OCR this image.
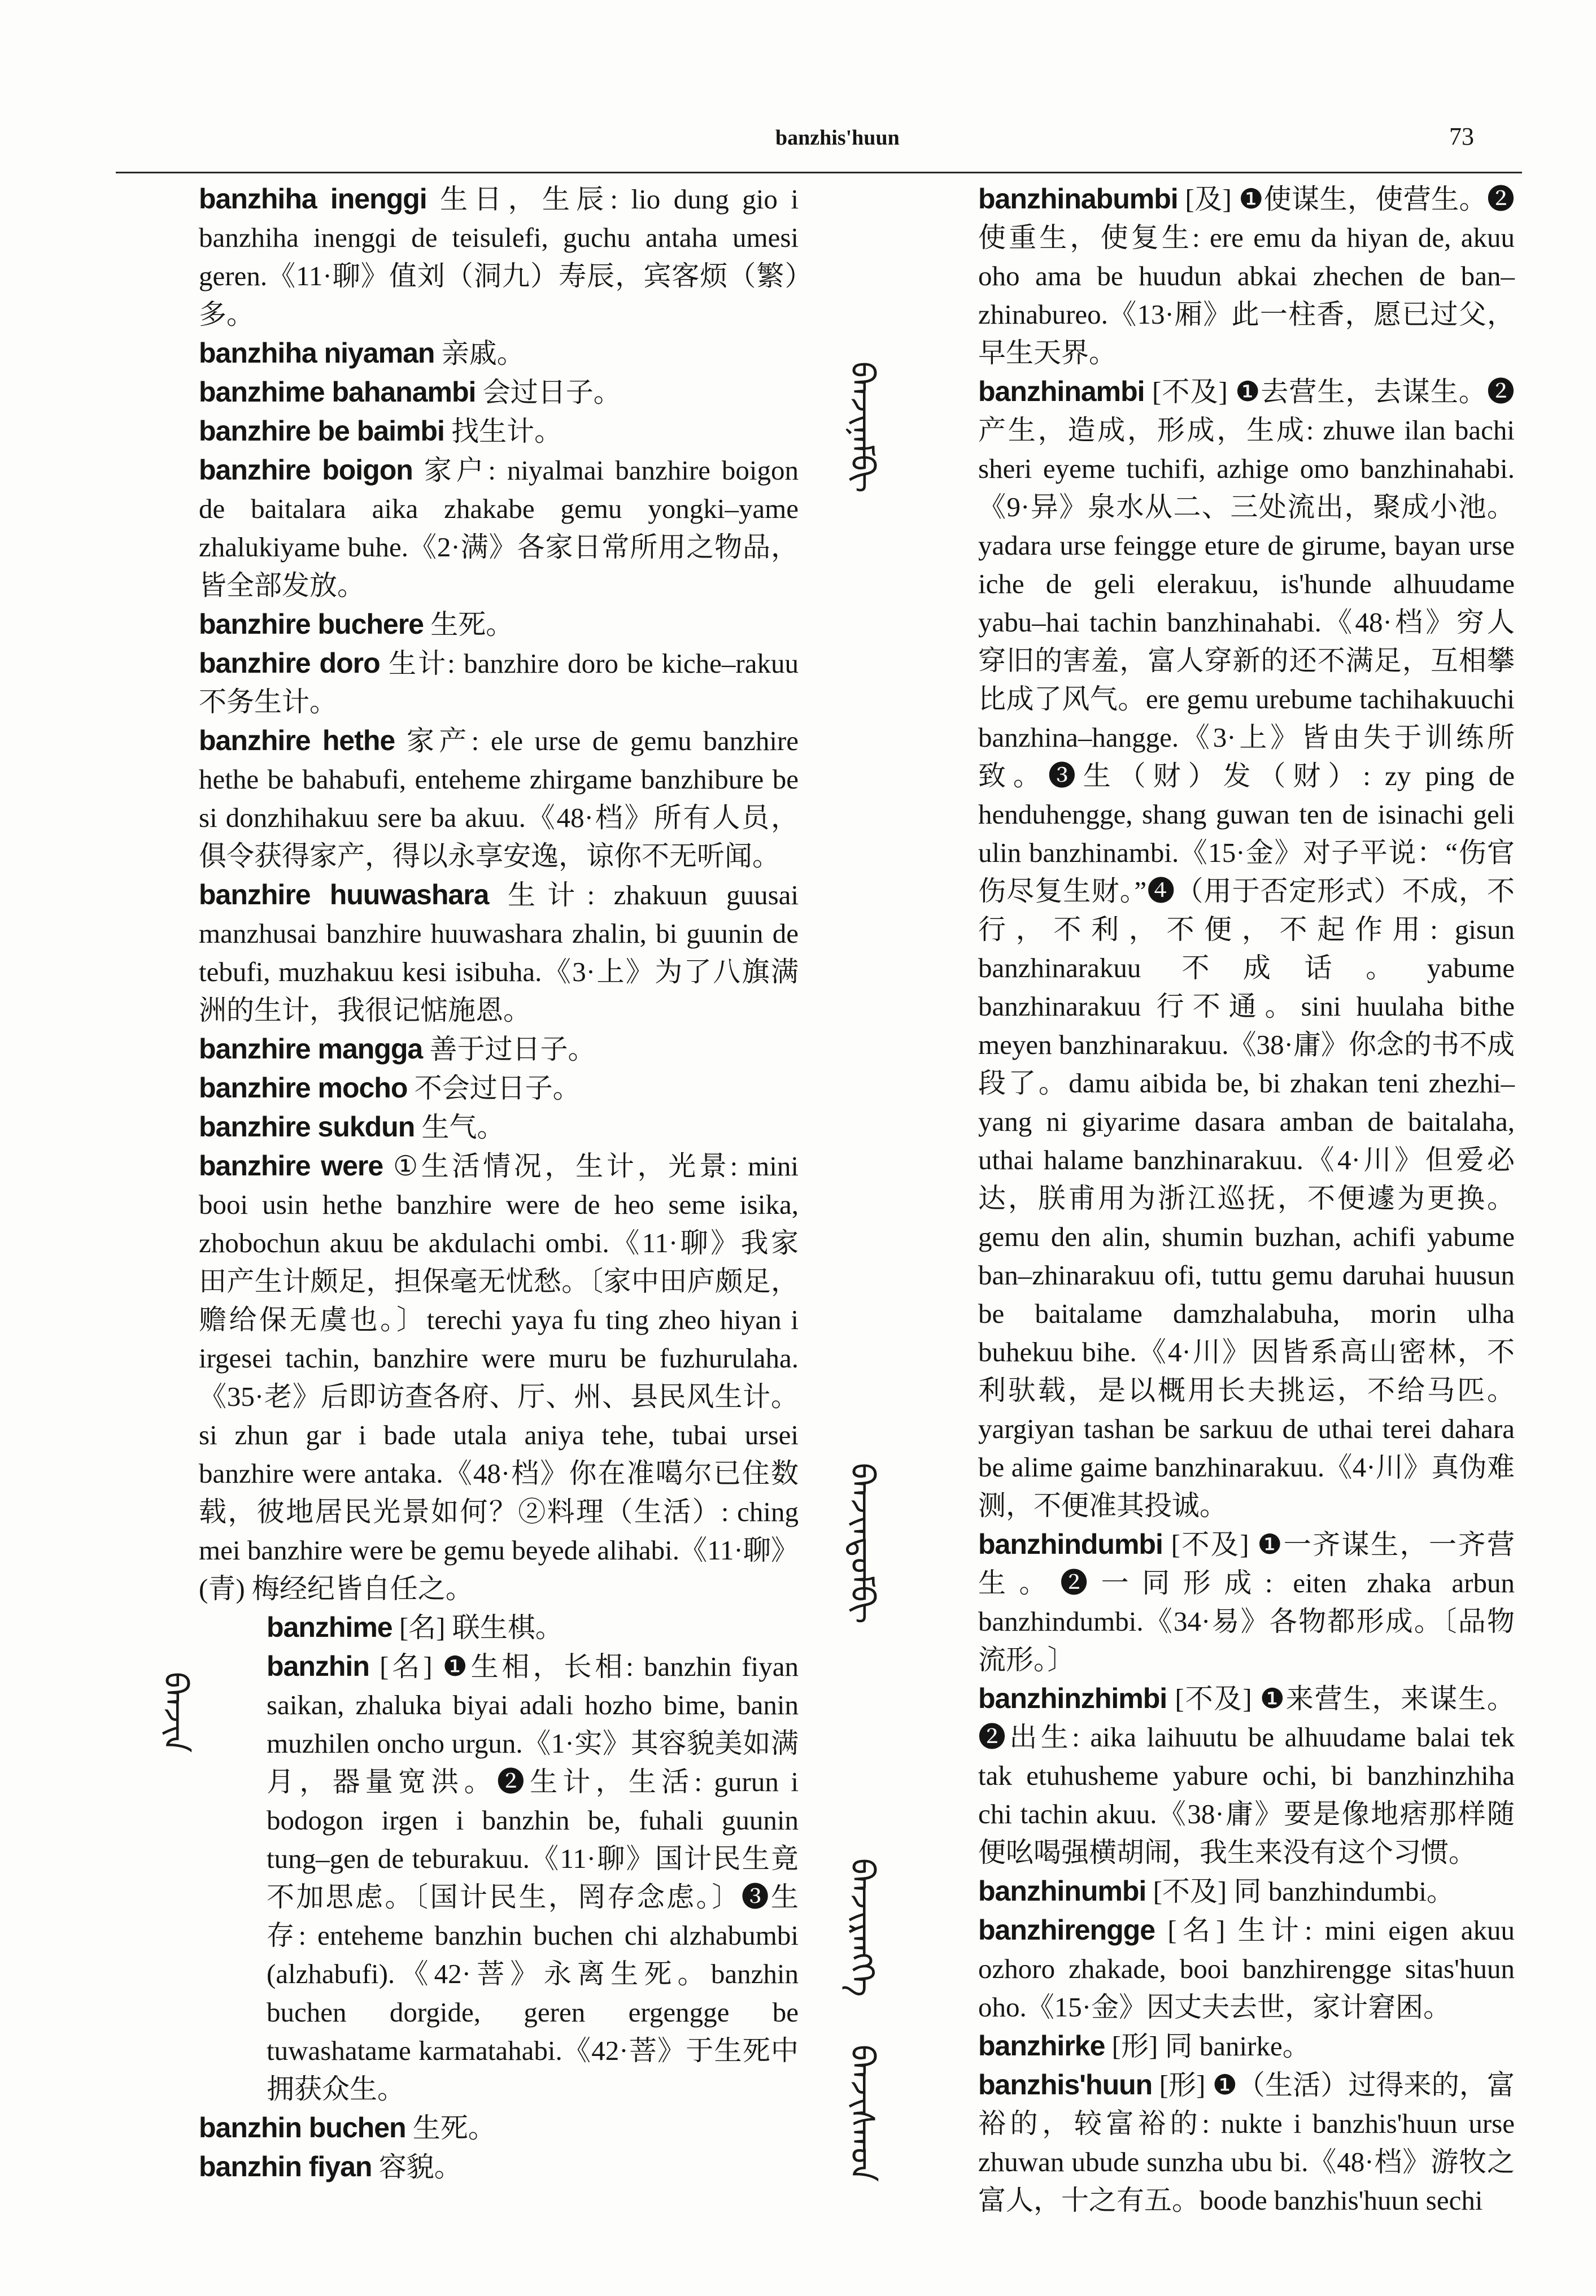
banzhis'huun	73
ᠪᠠᠨᠵᠢᠨ
ᠪᠠᠨᠵᠢᠨᠠᠮᠪᠢ
ᠪᠠᠨᠵᠢᠨᠳᠤᠮᠪᠢ
ᠪᠠᠨᠵᠢᠷᠡᠩᠭᠡ
ᠪᠠᠨᠵᠢᠰᠬᠤᠨ

banzhiha inengɡi 生日，生辰: lio dung gio i banzhiha inengɡi de teisulefi, guchu antaha umesi geren.《11·聊》值刘（洞九）寿辰，宾客烦（繁）多。

banzhiha niyaman 亲戚。

banzhime bahanambi 会过日子。

banzhire be baimbi 找生计。

banzhire boigon 家户: niyalmai banzhire boigon de baitalara aika zhakabe gemu yongki–yame zhalukiyame buhe.《2·满》各家日常所用之物品，皆全部发放。

banzhire buchere 生死。

banzhire doro 生计: banzhire doro be kiche–rakuu 不务生计。

banzhire hethe 家产: ele urse de gemu banzhire hethe be bahabufi, enteheme zhirgame banzhibure be si donzhihakuu sere ba akuu.《48·档》所有人员，俱令获得家产，得以永享安逸，谅你不无听闻。

banzhire huuwashara 生计: zhakuun guusai manzhusai banzhire huuwashara zhalin, bi guunin de tebufi, muzhakuu kesi isibuha.《3·上》为了八旗满洲的生计，我很记惦施恩。

banzhire mangga 善于过日子。

banzhire mocho 不会过日子。

banzhire sukdun 生气。

banzhire were ①生活情况，生计，光景: mini booi usin hethe banzhire were de heo seme isika, zhobochun akuu be akdulachi ombi.《11·聊》我家田产生计颇足，担保毫无忧愁。〔家中田庐颇足，赡给保无虞也。〕terechi yaya fu ting zheo hiyan i irgesei tachin, banzhire were muru be fuzhurulaha.《35·老》后即访查各府、厅、州、县民风生计。si zhun gar i bade utala aniya tehe, tubai ursei banzhire were antaka.《48·档》你在准噶尔已住数载，彼地居民光景如何？②料理（生活）: ching mei banzhire were be gemu beyede alihabi.《11·聊》(青) 梅经纪皆自任之。

banzhime [名] 联生棋。

banzhin [名] ❶生相，长相: banzhin fiyan saikan, zhaluka biyai adali hozho bime, banin muzhilen oncho urgun.《1·实》其容貌美如满月，器量宽洪。❷生计，生活: gurun i bodogon irgen i banzhin be, fuhali guunin tung–gen de teburakuu.《11·聊》国计民生竟不加思虑。〔国计民生，罔存念虑。〕❸生存: enteheme banzhin buchen chi alzhabumbi (alzhabufi).《42·菩》永离生死。banzhin buchen dorgide, geren ergengge be tuwashatame karmatahabi.《42·菩》于生死中拥获众生。

banzhin buchen 生死。

banzhin fiyan 容貌。

banzhinabumbi [及] ❶使谋生，使营生。❷使重生，使复生: ere emu da hiyan de, akuu oho ama be huudun abkai zhechen de ban–zhinabureo.《13·厢》此一柱香，愿已过父，早生天界。

banzhinambi [不及] ❶去营生，去谋生。❷产生，造成，形成，生成: zhuwe ilan bachi sheri eyeme tuchifi, azhige omo banzhinahabi.《9·异》泉水从二、三处流出，聚成小池。yadara urse feingge eture de girume, bayan urse iche de geli elerakuu, is'hunde alhuudame yabu–hai tachin banzhinahabi.《48·档》穷人穿旧的害羞，富人穿新的还不满足，互相攀比成了风气。ere gemu urebume tachihakuuchi banzhina–hangge.《3·上》皆由失于训练所致。❸生（财）发（财）: zy ping de henduhengge, shang guwan ten de isinachi geli ulin banzhinambi.《15·金》对子平说：“伤官伤尽复生财。”❹（用于否定形式）不成，不行，不利，不便，不起作用: gisun banzhinarakuu 不成话。yabume banzhinarakuu 行不通。sini huulaha bithe meyen banzhinarakuu.《38·庸》你念的书不成段了。damu aibida be, bi zhakan teni zhezhi–yang ni giyarime dasara amban de baitalaha, uthai halame banzhinarakuu.《4·川》但爱必达，朕甫用为浙江巡抚，不便遽为更换。gemu den alin, shumin buzhan, achifi yabume ban–zhinarakuu ofi, tuttu gemu daruhai huusun be baitalame damzhalabuha, morin ulha buhekuu bihe.《4·川》因皆系高山密林，不利驮载，是以概用长夫挑运，不给马匹。yargiyan tashan be sarkuu de uthai terei dahara be alime gaime banzhinarakuu.《4·川》真伪难测，不便准其投诚。

banzhindumbi [不及] ❶一齐谋生，一齐营生。❷一同形成: eiten zhaka arbun banzhindumbi.《34·易》各物都形成。〔品物流形。〕

banzhinzhimbi [不及] ❶来营生，来谋生。❷出生: aika laihuutu be alhuudame balai tek tak etuhusheme yabure ochi, bi banzhinzhiha chi tachin akuu.《38·庸》要是像地痞那样随便吆喝强横胡闹，我生来没有这个习惯。

banzhinumbi [不及] 同 banzhindumbi。

banzhirengge [名] 生计: mini eigen akuu ozhoro zhakade, booi banzhirengge sitas'huun oho.《15·金》因丈夫去世，家计窘困。

banzhirke [形] 同 banirke。

banzhis'huun [形] ❶（生活）过得来的，富裕的，较富裕的: nukte i banzhis'huun urse zhuwan ubude sunzha ubu bi.《48·档》游牧之富人，十之有五。boode banzhis'huun sechi
